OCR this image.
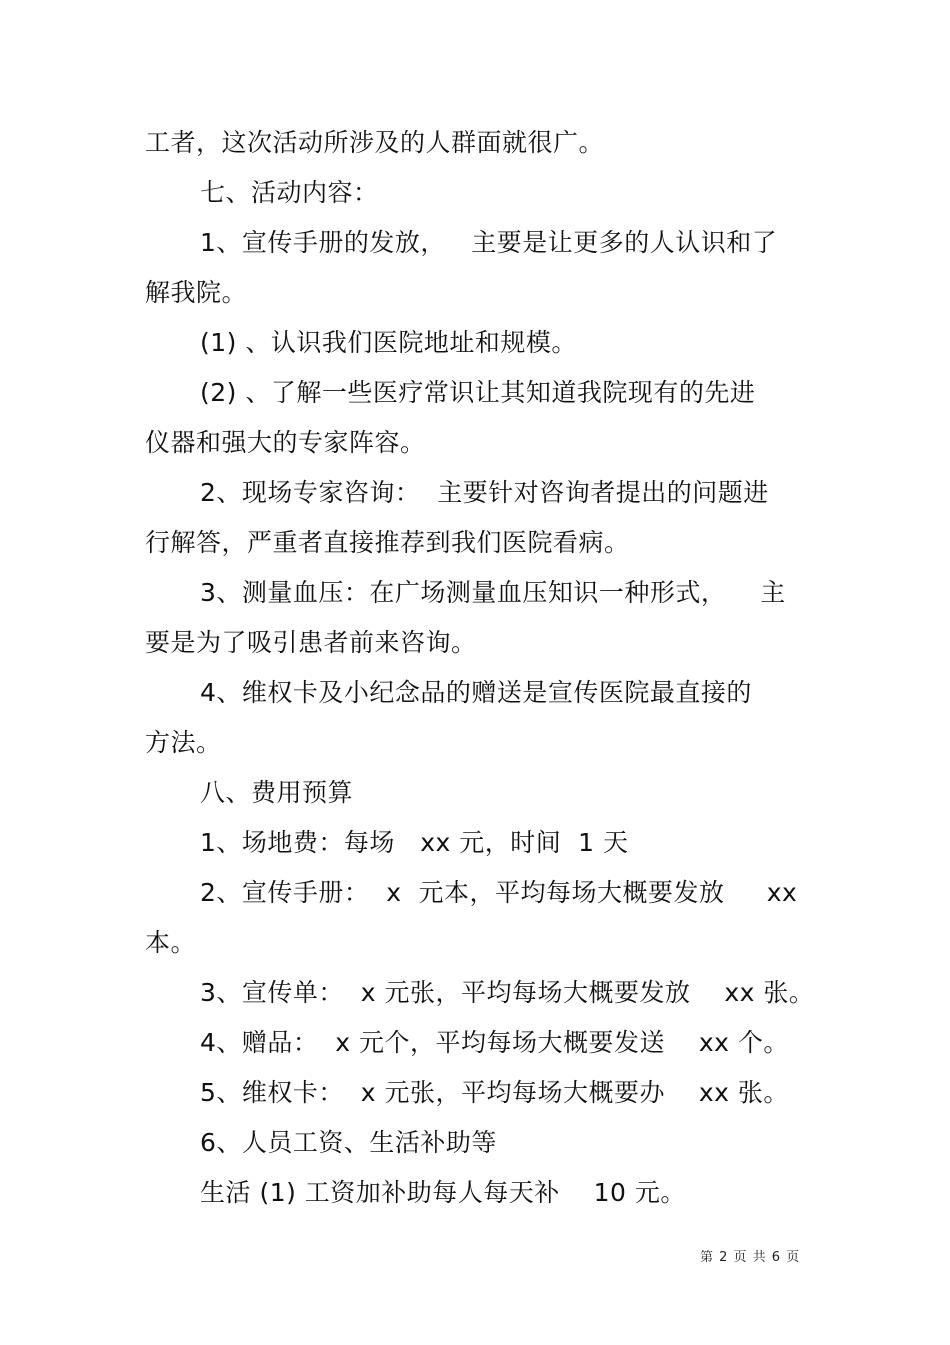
工者，这次活动所涉及的人群面就很广。
七、活动内容：
1、宣传手册的发放，   主要是让更多的人认识和了
解我院。
(1) 、认识我们医院地址和规模。
(2) 、了解一些医疗常识让其知道我院现有的先进
仪器和强大的专家阵容。
2、现场专家咨询：  主要针对咨询者提出的问题进
行解答，严重者直接推荐到我们医院看病。
3、测量血压：在广场测量血压知识一种形式，    主
要是为了吸引患者前来咨询。
4、维权卡及小纪念品的赠送是宣传医院最直接的
方法。
八、费用预算
1、场地费：每场   xx 元，时间  1 天
2、宣传手册：  x  元本，平均每场大概要发放     xx
本。
3、宣传单：  x 元张，平均每场大概要发放    xx 张。
4、赠品：  x 元个，平均每场大概要发送    xx 个。
5、维权卡：  x 元张，平均每场大概要办    xx 张。
6、人员工资、生活补助等
生活 (1) 工资加补助每人每天补    10 元。
第 2 页 共 6 页
